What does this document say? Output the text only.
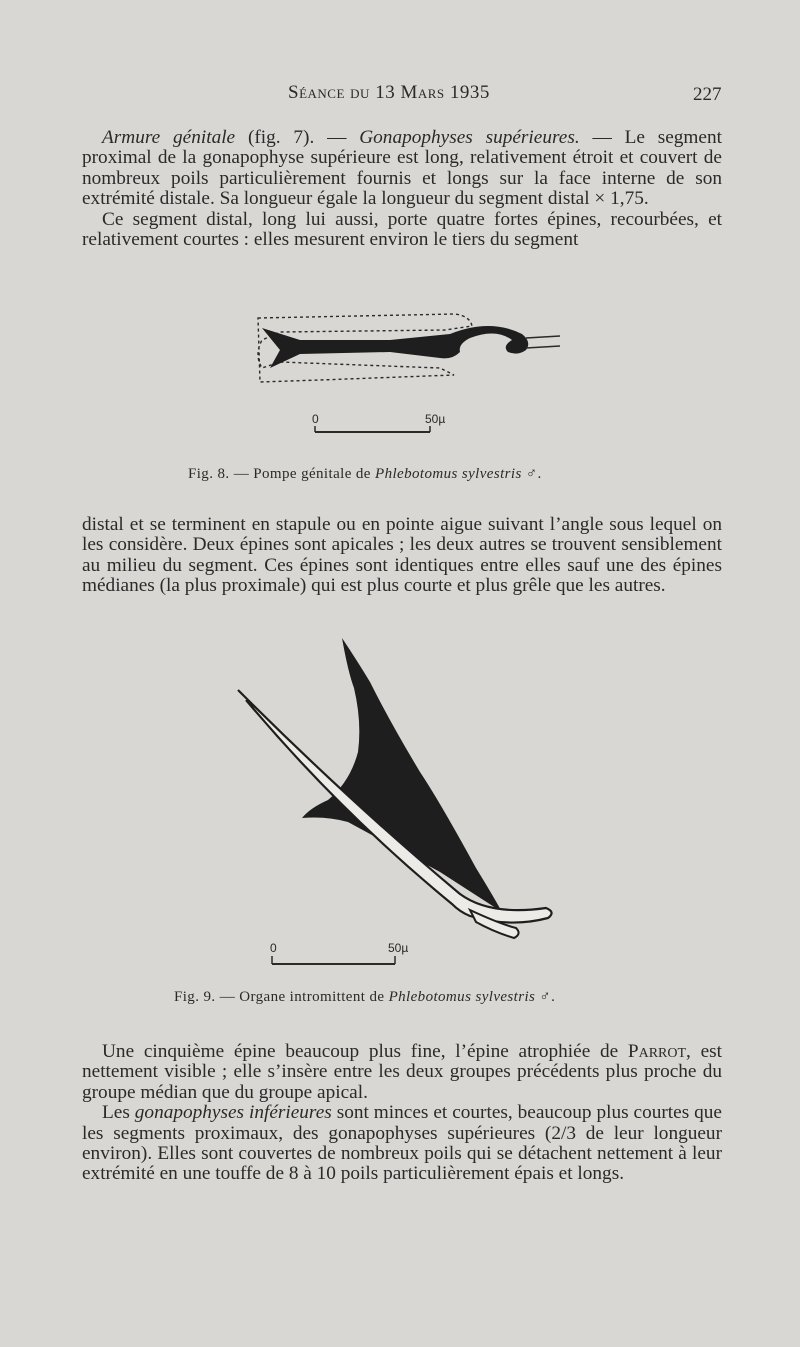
Séance du 13 Mars 1935	227

Armure génitale (fig. 7). — Gonapophyses supérieures. — Le segment proximal de la gonapophyse supérieure est long, relativement étroit et couvert de nombreux poils particulièrement fournis et longs sur la face interne de son extrémité distale. Sa longueur égale la longueur du segment distal × 1,75.

Ce segment distal, long lui aussi, porte quatre fortes épines, recourbées, et relativement courtes : elles mesurent environ le tiers du segment

0	50µ
Fig. 8. — Pompe génitale de Phlebotomus sylvestris ♂.

distal et se terminent en stapule ou en pointe aigue suivant l’angle sous lequel on les considère. Deux épines sont apicales ; les deux autres se trouvent sensiblement au milieu du segment. Ces épines sont identiques entre elles sauf une des épines médianes (la plus proximale) qui est plus courte et plus grêle que les autres.

0	50µ
Fig. 9. — Organe intromittent de Phlebotomus sylvestris ♂.

Une cinquième épine beaucoup plus fine, l’épine atrophiée de Parrot, est nettement visible ; elle s’insère entre les deux groupes précédents plus proche du groupe médian que du groupe apical.

Les gonapophyses inférieures sont minces et courtes, beaucoup plus courtes que les segments proximaux, des gonapophyses supérieures (2/3 de leur longueur environ). Elles sont couvertes de nombreux poils qui se détachent nettement à leur extrémité en une touffe de 8 à 10 poils particulièrement épais et longs.
